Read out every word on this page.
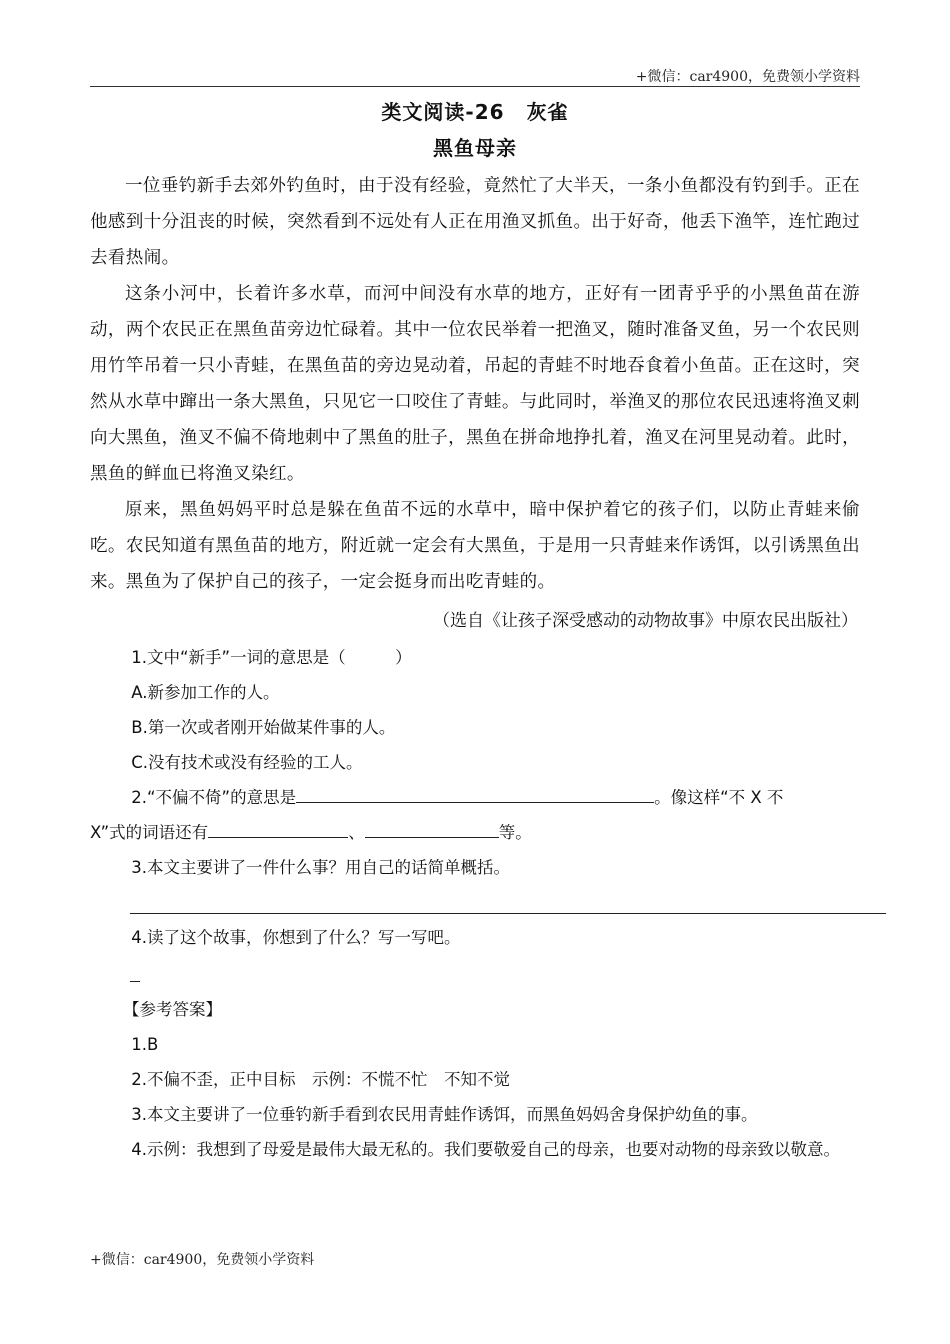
+微信：car4900，免费领小学资料
类文阅读-26 灰雀
黑鱼母亲

一位垂钓新手去郊外钓鱼时，由于没有经验，竟然忙了大半天，一条小鱼都没有钓到手。正在他感到十分沮丧的时候，突然看到不远处有人正在用渔叉抓鱼。出于好奇，他丢下渔竿，连忙跑过去看热闹。

这条小河中，长着许多水草，而河中间没有水草的地方，正好有一团青乎乎的小黑鱼苗在游动，两个农民正在黑鱼苗旁边忙碌着。其中一位农民举着一把渔叉，随时准备叉鱼，另一个农民则用竹竿吊着一只小青蛙，在黑鱼苗的旁边晃动着，吊起的青蛙不时地吞食着小鱼苗。正在这时，突然从水草中蹿出一条大黑鱼，只见它一口咬住了青蛙。与此同时，举渔叉的那位农民迅速将渔叉刺向大黑鱼，渔叉不偏不倚地刺中了黑鱼的肚子，黑鱼在拼命地挣扎着，渔叉在河里晃动着。此时，黑鱼的鲜血已将渔叉染红。

原来，黑鱼妈妈平时总是躲在鱼苗不远的水草中，暗中保护着它的孩子们，以防止青蛙来偷吃。农民知道有黑鱼苗的地方，附近就一定会有大黑鱼，于是用一只青蛙来作诱饵，以引诱黑鱼出来。黑鱼为了保护自己的孩子，一定会挺身而出吃青蛙的。

（选自《让孩子深受感动的动物故事》中原农民出版社）
1.文中“新手”一词的意思是（　　　）
A.新参加工作的人。
B.第一次或者刚开始做某件事的人。
C.没有技术或没有经验的工人。
2.“不偏不倚”的意思是	。像这样“不 X 不
X”式的词语还有	、	等。
3.本文主要讲了一件什么事？用自己的话简单概括。
4.读了这个故事，你想到了什么？写一写吧。
【参考答案】
1.B
2.不偏不歪，正中目标　示例：不慌不忙　不知不觉
3.本文主要讲了一位垂钓新手看到农民用青蛙作诱饵，而黑鱼妈妈舍身保护幼鱼的事。
4.示例：我想到了母爱是最伟大最无私的。我们要敬爱自己的母亲，也要对动物的母亲致以敬意。
+微信：car4900，免费领小学资料
